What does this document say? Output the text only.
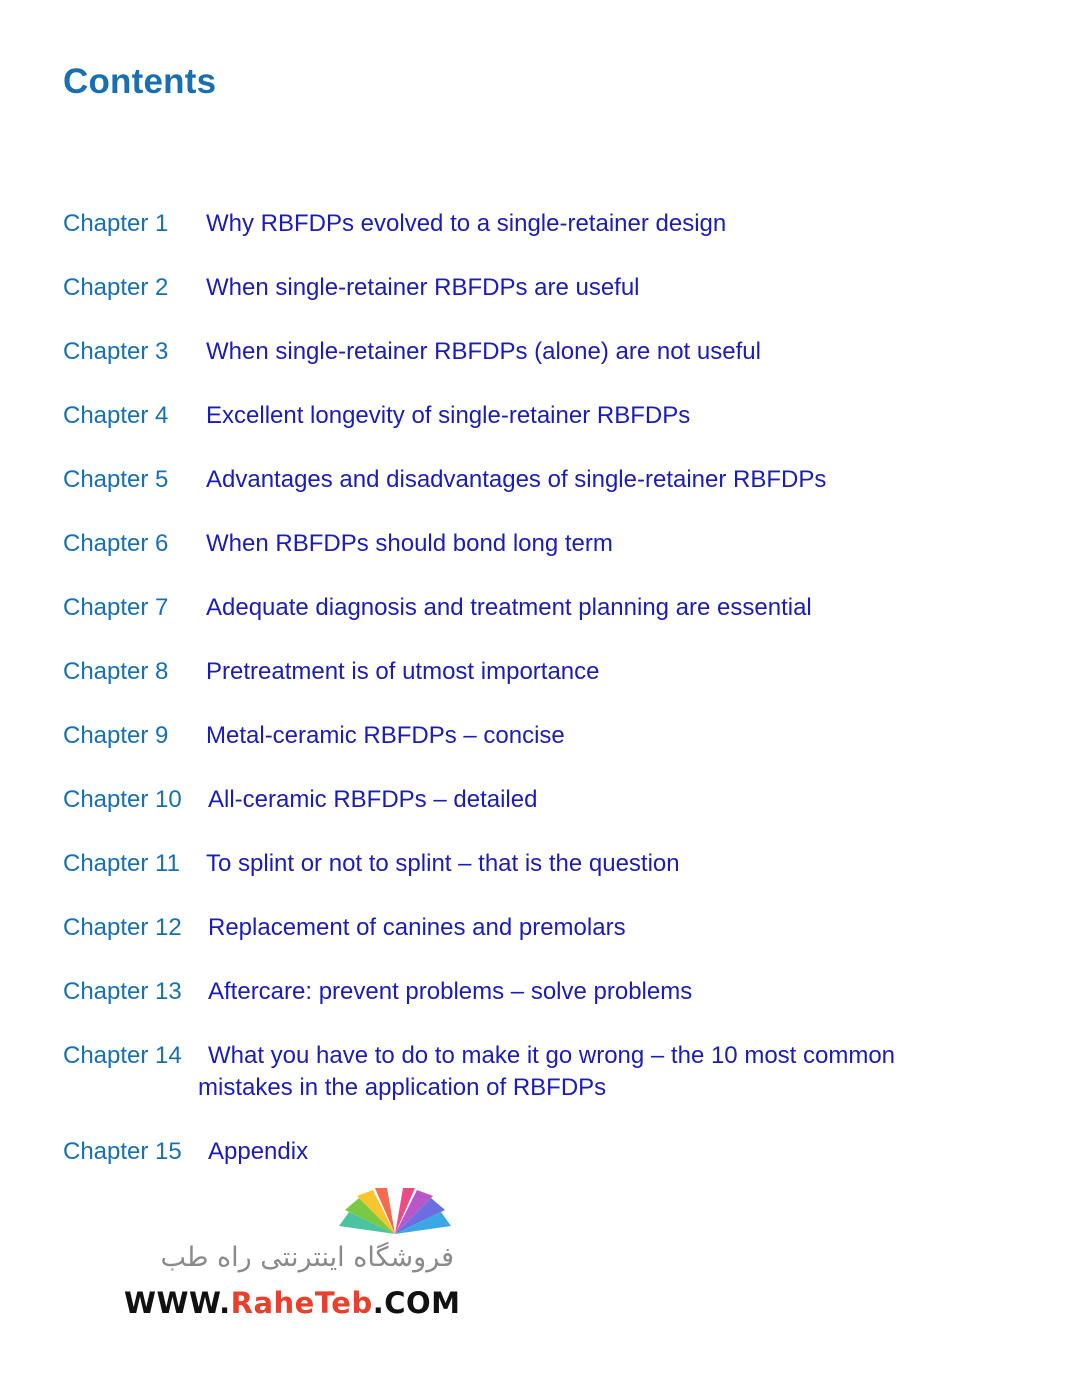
Contents
Chapter 1	Why RBFDPs evolved to a single-retainer design
Chapter 2	When single-retainer RBFDPs are useful
Chapter 3	When single-retainer RBFDPs (alone) are not useful
Chapter 4	Excellent longevity of single-retainer RBFDPs
Chapter 5	Advantages and disadvantages of single-retainer RBFDPs
Chapter 6	When RBFDPs should bond long term
Chapter 7	Adequate diagnosis and treatment planning are essential
Chapter 8	Pretreatment is of utmost importance
Chapter 9	Metal-ceramic RBFDPs – concise
Chapter 10	All-ceramic RBFDPs – detailed
Chapter 11	To splint or not to splint – that is the question
Chapter 12	Replacement of canines and premolars
Chapter 13	Aftercare: prevent problems – solve problems
Chapter 14	What you have to do to make it go wrong – the 10 most common
mistakes in the application of RBFDPs
Chapter 15	Appendix
فروشگاه اینترنتی راه طب
WWW.RaheTeb.COM
